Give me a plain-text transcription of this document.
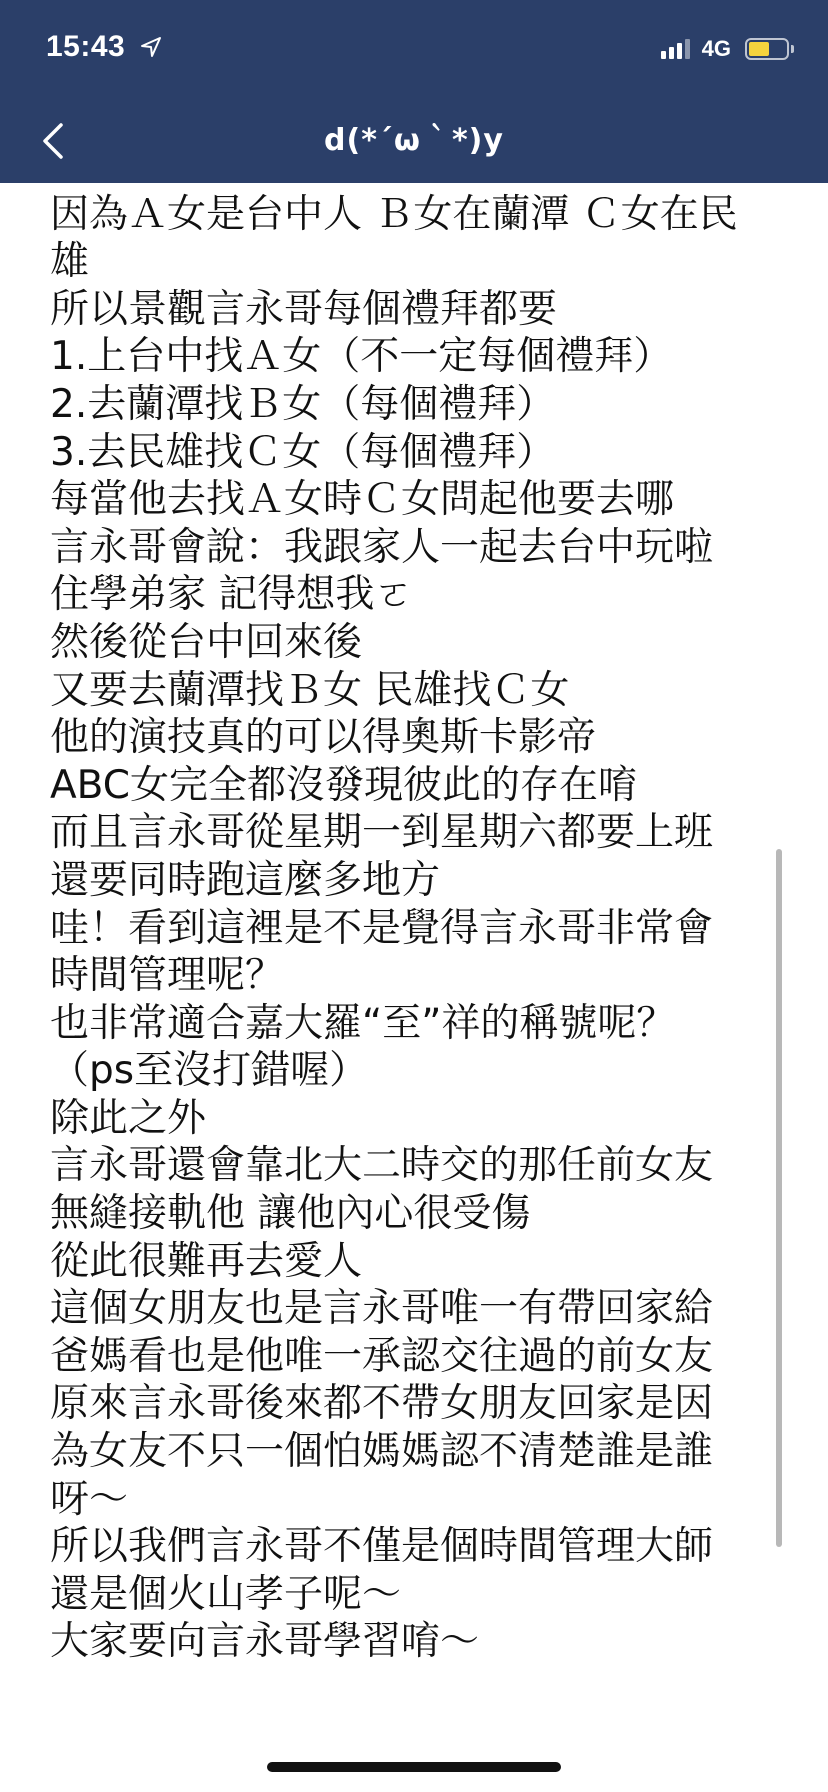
15:43	4G
d(*´ω｀*)y
因為Ａ女是台中人 Ｂ女在蘭潭 Ｃ女在民
雄
所以景觀言永哥每個禮拜都要
1.上台中找Ａ女（不一定每個禮拜）
2.去蘭潭找Ｂ女（每個禮拜）
3.去民雄找Ｃ女（每個禮拜）
每當他去找Ａ女時Ｃ女問起他要去哪
言永哥會說：我跟家人一起去台中玩啦
住學弟家 記得想我ㄛ
然後從台中回來後
又要去蘭潭找Ｂ女 民雄找Ｃ女
他的演技真的可以得奧斯卡影帝
ABC女完全都沒發現彼此的存在唷
而且言永哥從星期一到星期六都要上班
還要同時跑這麼多地方
哇！看到這裡是不是覺得言永哥非常會
時間管理呢？
也非常適合嘉大羅“至”祥的稱號呢？
（ps至沒打錯喔）
除此之外
言永哥還會靠北大二時交的那任前女友
無縫接軌他 讓他內心很受傷
從此很難再去愛人
這個女朋友也是言永哥唯一有帶回家給
爸媽看也是他唯一承認交往過的前女友
原來言永哥後來都不帶女朋友回家是因
為女友不只一個怕媽媽認不清楚誰是誰
呀～
所以我們言永哥不僅是個時間管理大師
還是個火山孝子呢～
大家要向言永哥學習唷～
